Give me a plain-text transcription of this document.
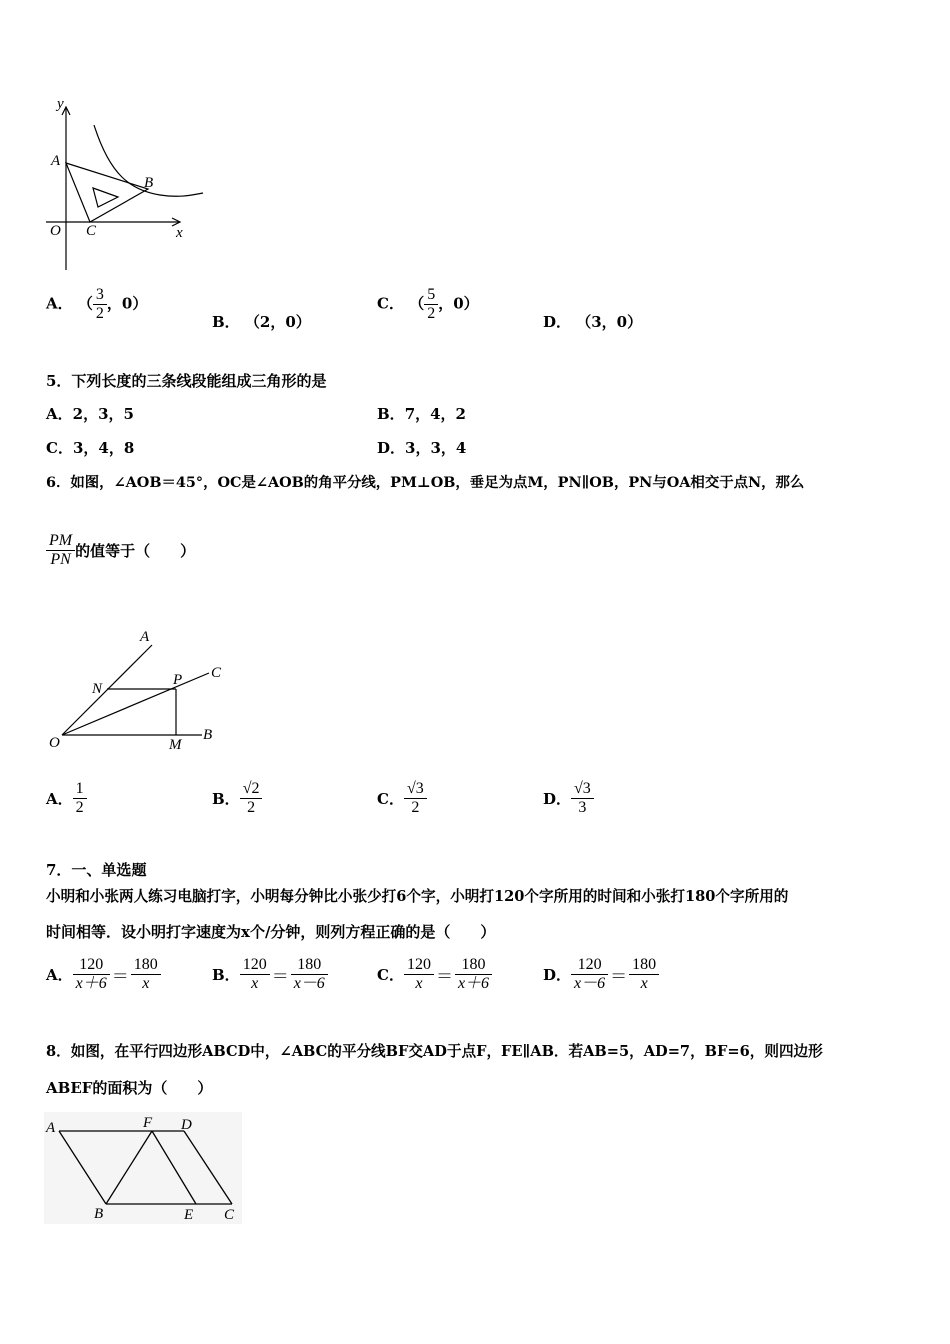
y
A
B
O C	x
A． （ $\frac{3}{2}$ ，0）
B． （2，0）
C． （ $\frac{5}{2}$ ，0）
D． （3，0）
5．下列长度的三条线段能组成三角形的是
A．2，3，5	B．7，4，2
C．3，4，8	D．3，3，4
6．如图，∠AOB＝45°，OC是∠AOB的角平分线，PM⊥OB，垂足为点M，PN∥OB，PN与OA相交于点N，那么
$\frac{PM}{PN}$ 的值等于（　　）
A
N
P C
O	M
B
A． $\frac{1}{2}$	B． $\frac{√2}{2}$	C． $\frac{√3}{2}$	D． $\frac{√3}{3}$
7．一、单选题
小明和小张两人练习电脑打字，小明每分钟比小张少打6个字，小明打120个字所用的时间和小张打180个字所用的
时间相等．设小明打字速度为x个/分钟，则列方程正确的是（　　）
A． $\frac{120}{x+6} = \frac{180}{x}$	B． $\frac{120}{x} = \frac{180}{x-6}$	C． $\frac{120}{x} = \frac{180}{x+6}$	D． $\frac{120}{x-6} = \frac{180}{x}$
8．如图，在平行四边形ABCD中，∠ABC的平分线BF交AD于点F，FE∥AB．若AB=5，AD=7，BF=6，则四边形
ABEF的面积为（　　）
A	F D
B	E C
